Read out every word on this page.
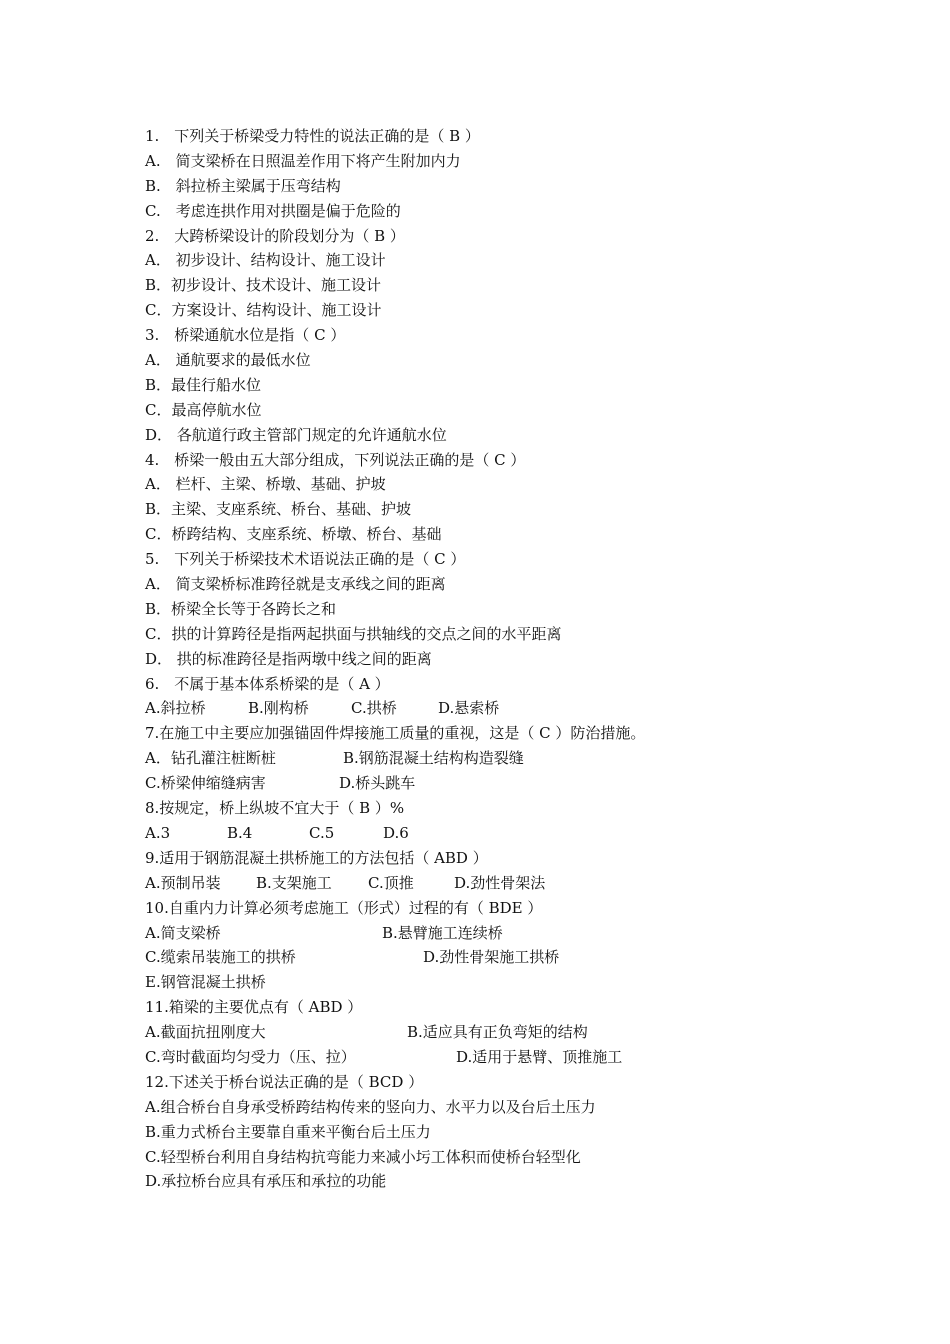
1.　下列关于桥梁受力特性的说法正确的是（ B ）
A.　简支梁桥在日照温差作用下将产生附加内力
B.　斜拉桥主梁属于压弯结构
C.　考虑连拱作用对拱圈是偏于危险的
2.　大跨桥梁设计的阶段划分为（ B ）
A． 初步设计、结构设计、施工设计
B．初步设计、技术设计、施工设计
C．方案设计、结构设计、施工设计
3.　桥梁通航水位是指（ C ）
A． 通航要求的最低水位
B．最佳行船水位
C．最高停航水位
D． 各航道行政主管部门规定的允许通航水位
4.　桥梁一般由五大部分组成，下列说法正确的是（ C ）
A． 栏杆、主梁、桥墩、基础、护坡
B．主梁、支座系统、桥台、基础、护坡
C．桥跨结构、支座系统、桥墩、桥台、基础
5.　下列关于桥梁技术术语说法正确的是（ C ）
A． 简支梁桥标准跨径就是支承线之间的距离
B．桥梁全长等于各跨长之和
C．拱的计算跨径是指两起拱面与拱轴线的交点之间的水平距离
D． 拱的标准跨径是指两墩中线之间的距离
6.　不属于基本体系桥梁的是（ A ）
A.斜拉桥	B.刚构桥	C.拱桥	D.悬索桥
7.在施工中主要应加强锚固件焊接施工质量的重视，这是（ C ）防治措施。
A．钻孔灌注桩断桩	B.钢筋混凝土结构构造裂缝
C.桥梁伸缩缝病害	D.桥头跳车
8.按规定，桥上纵坡不宜大于（ B ）%
A.3	B.4	C.5	D.6
9.适用于钢筋混凝土拱桥施工的方法包括（ ABD ）
A.预制吊装 B.支架施工 C.顶推	D.劲性骨架法
10.自重内力计算必须考虑施工（形式）过程的有（ BDE ）
A.简支梁桥	B.悬臂施工连续桥
C.缆索吊装施工的拱桥	D.劲性骨架施工拱桥
E.钢管混凝土拱桥
11.箱梁的主要优点有（ ABD ）
A.截面抗扭刚度大	B.适应具有正负弯矩的结构
C.弯时截面均匀受力（压、拉）	D.适用于悬臂、顶推施工
12.下述关于桥台说法正确的是（ BCD ）
A.组合桥台自身承受桥跨结构传来的竖向力、水平力以及台后土压力
B.重力式桥台主要靠自重来平衡台后土压力
C.轻型桥台利用自身结构抗弯能力来减小圬工体积而使桥台轻型化
D.承拉桥台应具有承压和承拉的功能
